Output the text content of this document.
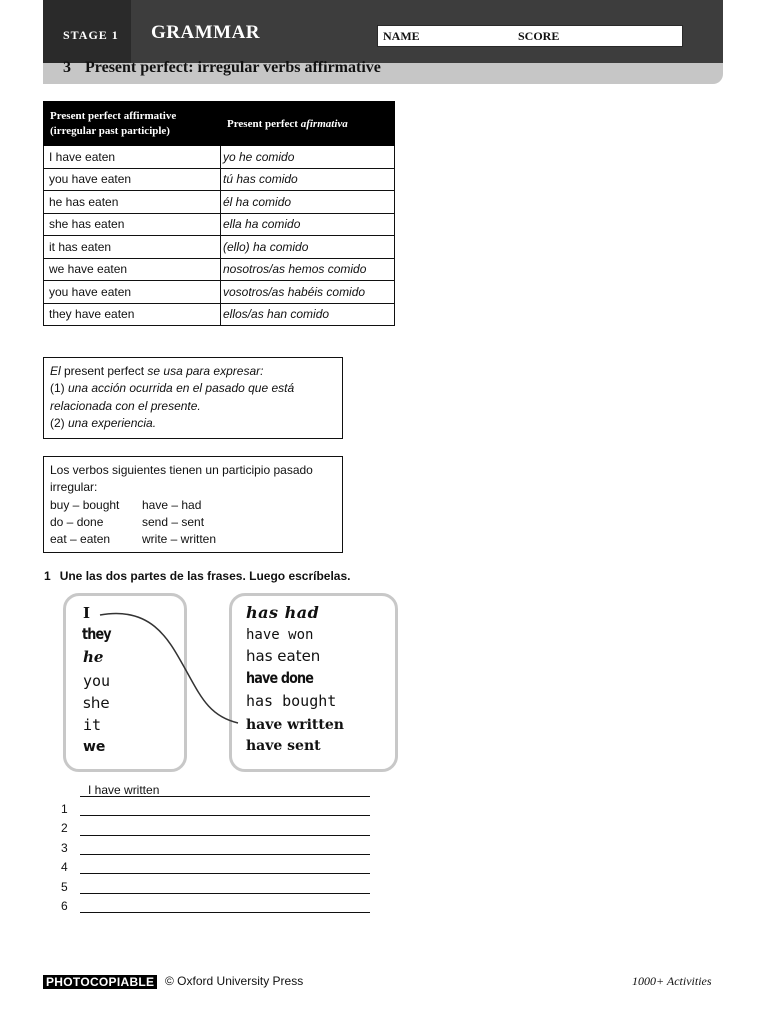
STAGE 1 GRAMMAR	NAME	SCORE
3 Present perfect: irregular verbs affirmative
Present perfect affirmative
(irregular past participle)	Present perfect afirmativa
I have eaten	yo he comido
you have eaten	tú has comido
he has eaten	él ha comido
she has eaten	ella ha comido
it has eaten	(ello) ha comido
we have eaten	nosotros/as hemos comido
you have eaten	vosotros/as habéis comido
they have eaten	ellos/as han comido
El present perfect se usa para expresar:
(1) una acción ocurrida en el pasado que está
relacionada con el presente.
(2) una experiencia.
Los verbos siguientes tienen un participio pasado
irregular:
buy – bought	have – had
do – done	send – sent
eat – eaten	write – written
1 Une las dos partes de las frases. Luego escríbelas.
I
they
he
you
she
it
we
has had
have won
has eaten
have done
has bought
have written
have sent
I have written
1
2
3
4
5
6
PHOTOCOPIABLE © Oxford University Press	1000+ Activities
